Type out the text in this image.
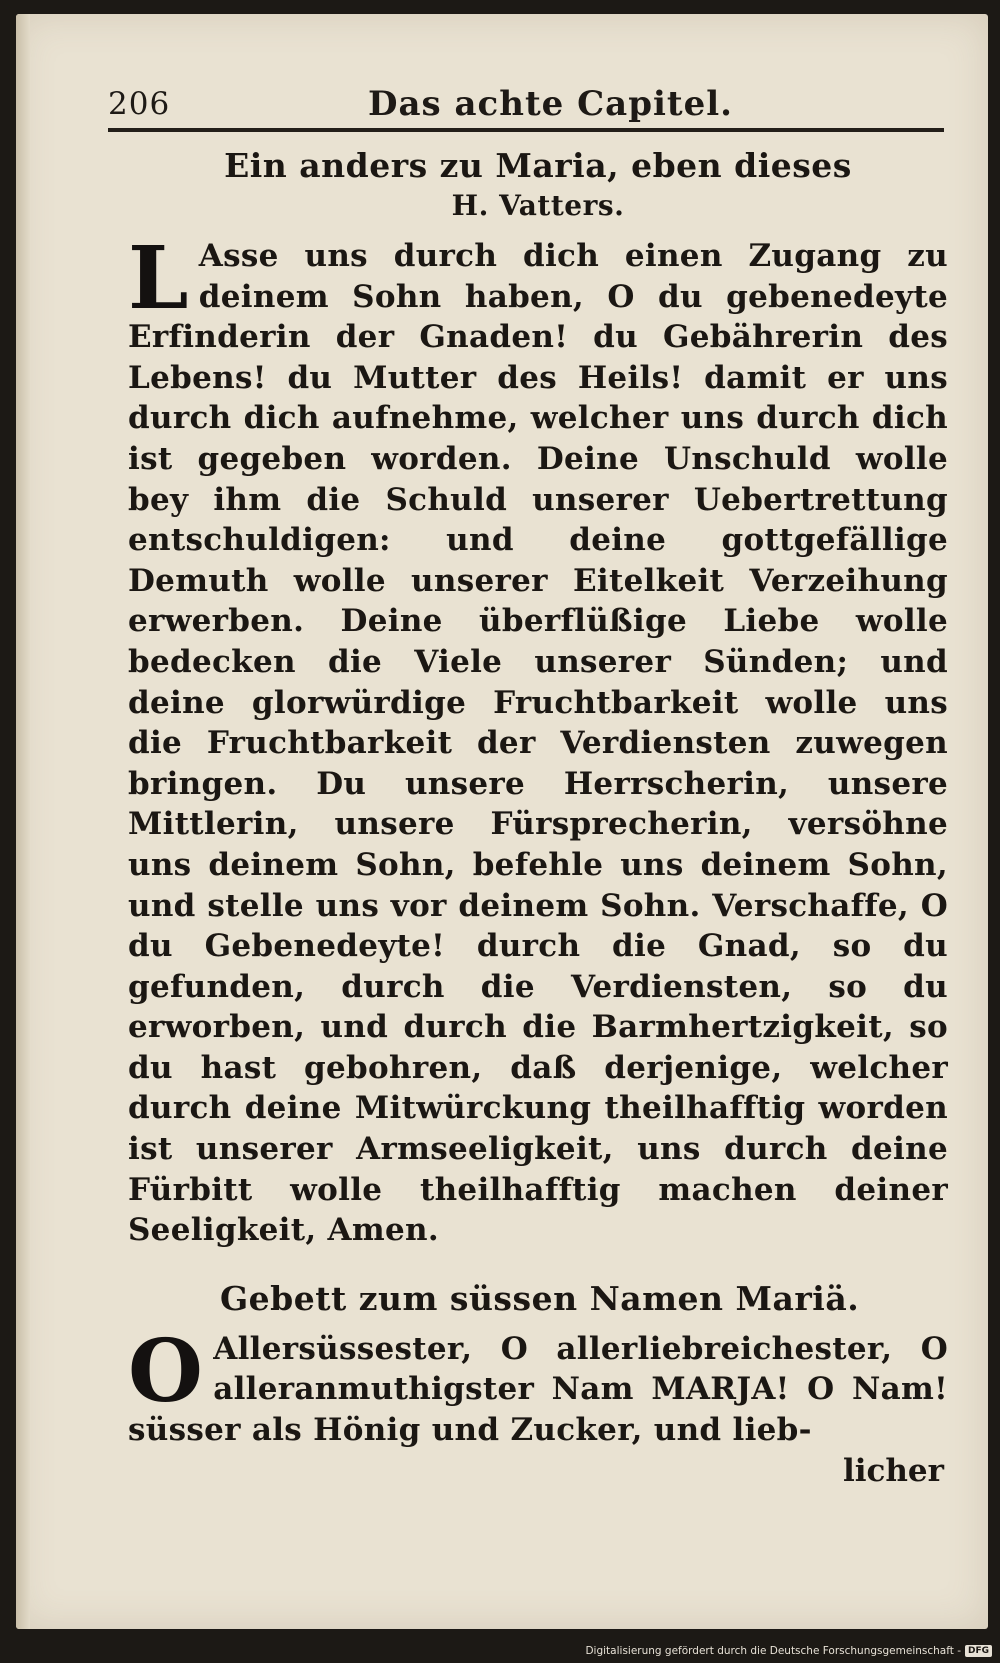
206	Das achte Capitel.
Ein anders zu Maria, eben dieses
H. Vatters.
L Asse uns durch dich einen Zugang zu deinem Sohn haben, O du gebenedeyte Erfinderin der Gnaden! du Gebährerin des Lebens! du Mutter des Heils! damit er uns durch dich aufnehme, welcher uns durch dich ist gegeben worden. Deine Unschuld wolle bey ihm die Schuld unserer Uebertrettung entschuldigen: und deine gottgefällige Demuth wolle unserer Eitelkeit Verzeihung erwerben. Deine überflüßige Liebe wolle bedecken die Viele unserer Sünden; und deine glorwürdige Fruchtbarkeit wolle uns die Fruchtbarkeit der Verdiensten zuwegen bringen. Du unsere Herrscherin, unsere Mittlerin, unsere Fürsprecherin, versöhne uns deinem Sohn, befehle uns deinem Sohn, und stelle uns vor deinem Sohn. Verschaffe, O du Gebenedeyte! durch die Gnad, so du gefunden, durch die Verdiensten, so du erworben, und durch die Barmhertzigkeit, so du hast gebohren, daß derjenige, welcher durch deine Mitwürckung theilhafftig worden ist unserer Armseeligkeit, uns durch deine Fürbitt wolle theilhafftig machen deiner Seeligkeit, Amen.
Gebett zum süssen Namen Mariä.
O Allersüssester, O allerliebreichester, O alleranmuthigster Nam MARJA! O Nam! süsser als Hönig und Zucker, und lieb-
licher
Digitalisierung gefördert durch die Deutsche Forschungsgemeinschaft - DFG
